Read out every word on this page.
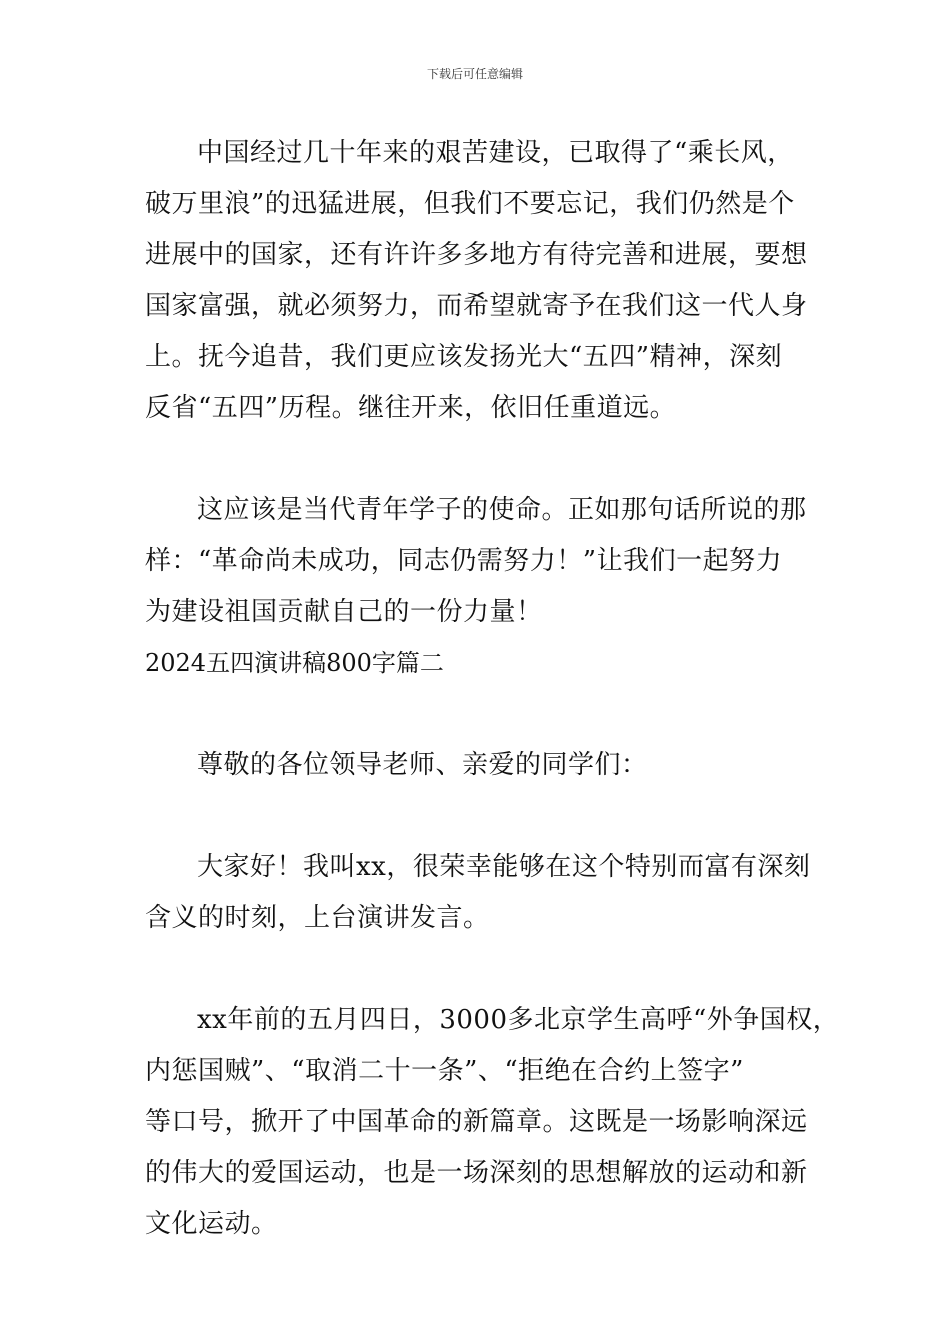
下载后可任意编辑
中国经过几十年来的艰苦建设，已取得了“乘长风，
破万里浪”的迅猛进展，但我们不要忘记，我们仍然是个
进展中的国家，还有许许多多地方有待完善和进展，要想
国家富强，就必须努力，而希望就寄予在我们这一代人身
上。抚今追昔，我们更应该发扬光大“五四”精神，深刻
反省“五四”历程。继往开来，依旧任重道远。
这应该是当代青年学子的使命。正如那句话所说的那
样：“革命尚未成功，同志仍需努力！”让我们一起努力
为建设祖国贡献自己的一份力量！
2024五四演讲稿800字篇二
尊敬的各位领导老师、亲爱的同学们：
大家好！我叫xx，很荣幸能够在这个特别而富有深刻
含义的时刻，上台演讲发言。
xx年前的五月四日，3000多北京学生高呼“外争国权，
内惩国贼”、“取消二十一条”、“拒绝在合约上签字”
等口号，掀开了中国革命的新篇章。这既是一场影响深远
的伟大的爱国运动，也是一场深刻的思想解放的运动和新
文化运动。
